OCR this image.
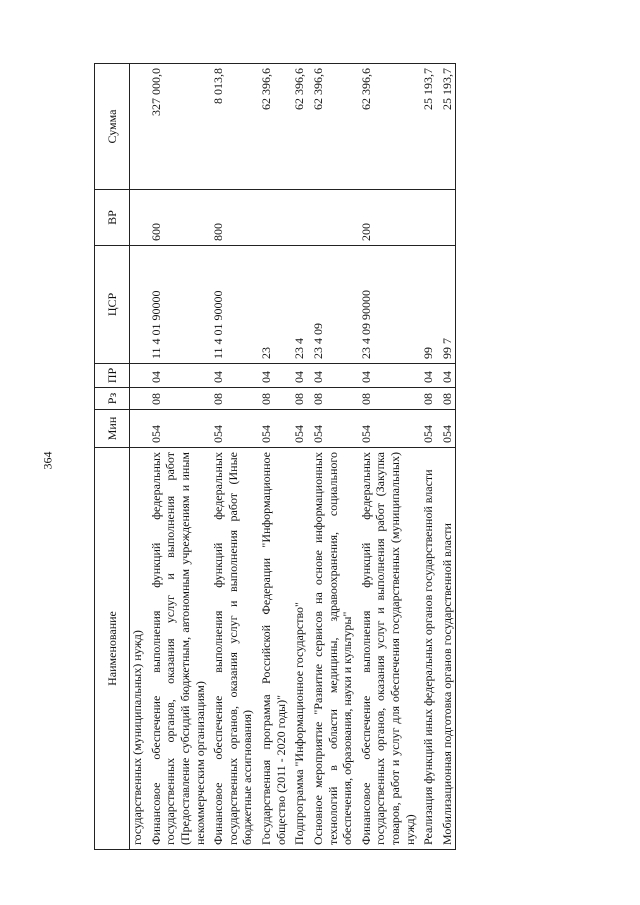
364
Наименование	Мин	Рз	ПР	ЦСР	ВР	Сумма
государственных (муниципальных) нужд)						

Финансовое обеспечение выполнения функций федеральных государственных органов, оказания услуг и выполнения работ (Предоставление субсидий бюджетным, автономным учреждениям и иным некоммерческим организациям)	054	08	04	11 4 01 90000	600	327 000,0

Финансовое обеспечение выполнения функций федеральных государственных органов, оказания услуг и выполнения работ (Иные бюджетные ассигнования)	054	08	04	11 4 01 90000	800	8 013,8

Государственная программа Российской Федерации "Информационное общество (2011 - 2020 годы)"	054	08	04	23		62 396,6

Подпрограмма "Информационное государство"	054	08	04	23 4		62 396,6

Основное мероприятие "Развитие сервисов на основе информационных технологий в области медицины, здравоохранения, социального обеспечения, образования, науки и культуры"	054	08	04	23 4 09		62 396,6

Финансовое обеспечение выполнения функций федеральных государственных органов, оказания услуг и выполнения работ (Закупка товаров, работ и услуг для обеспечения государственных (муниципальных) нужд)	054	08	04	23 4 09 90000	200	62 396,6

Реализация функций иных федеральных органов государственной власти	054	08	04	99		25 193,7

Мобилизационная подготовка органов государственной власти	054	08	04	99 7		25 193,7
